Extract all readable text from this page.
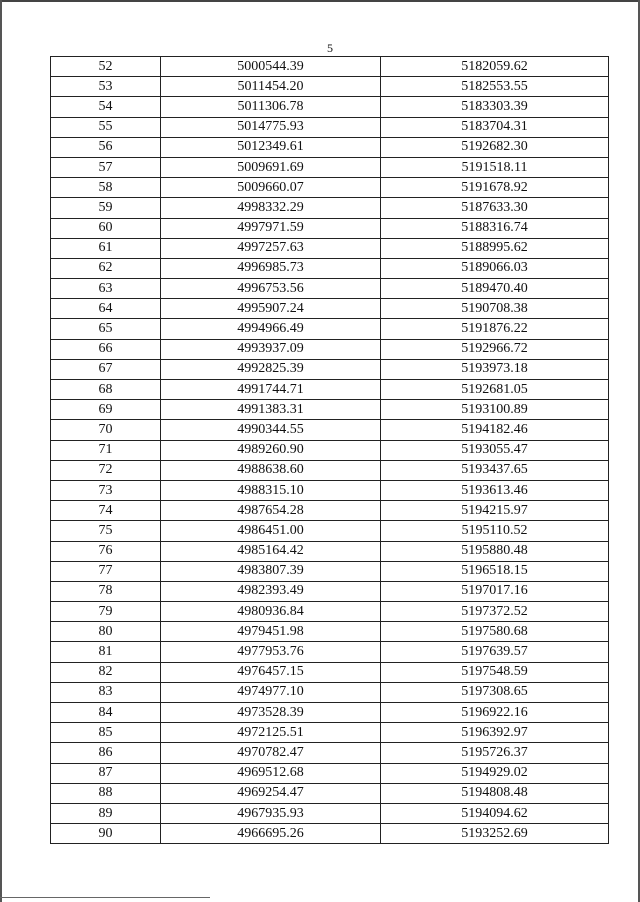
5
52	5000544.39	5182059.62
53	5011454.20	5182553.55
54	5011306.78	5183303.39
55	5014775.93	5183704.31
56	5012349.61	5192682.30
57	5009691.69	5191518.11
58	5009660.07	5191678.92
59	4998332.29	5187633.30
60	4997971.59	5188316.74
61	4997257.63	5188995.62
62	4996985.73	5189066.03
63	4996753.56	5189470.40
64	4995907.24	5190708.38
65	4994966.49	5191876.22
66	4993937.09	5192966.72
67	4992825.39	5193973.18
68	4991744.71	5192681.05
69	4991383.31	5193100.89
70	4990344.55	5194182.46
71	4989260.90	5193055.47
72	4988638.60	5193437.65
73	4988315.10	5193613.46
74	4987654.28	5194215.97
75	4986451.00	5195110.52
76	4985164.42	5195880.48
77	4983807.39	5196518.15
78	4982393.49	5197017.16
79	4980936.84	5197372.52
80	4979451.98	5197580.68
81	4977953.76	5197639.57
82	4976457.15	5197548.59
83	4974977.10	5197308.65
84	4973528.39	5196922.16
85	4972125.51	5196392.97
86	4970782.47	5195726.37
87	4969512.68	5194929.02
88	4969254.47	5194808.48
89	4967935.93	5194094.62
90	4966695.26	5193252.69
